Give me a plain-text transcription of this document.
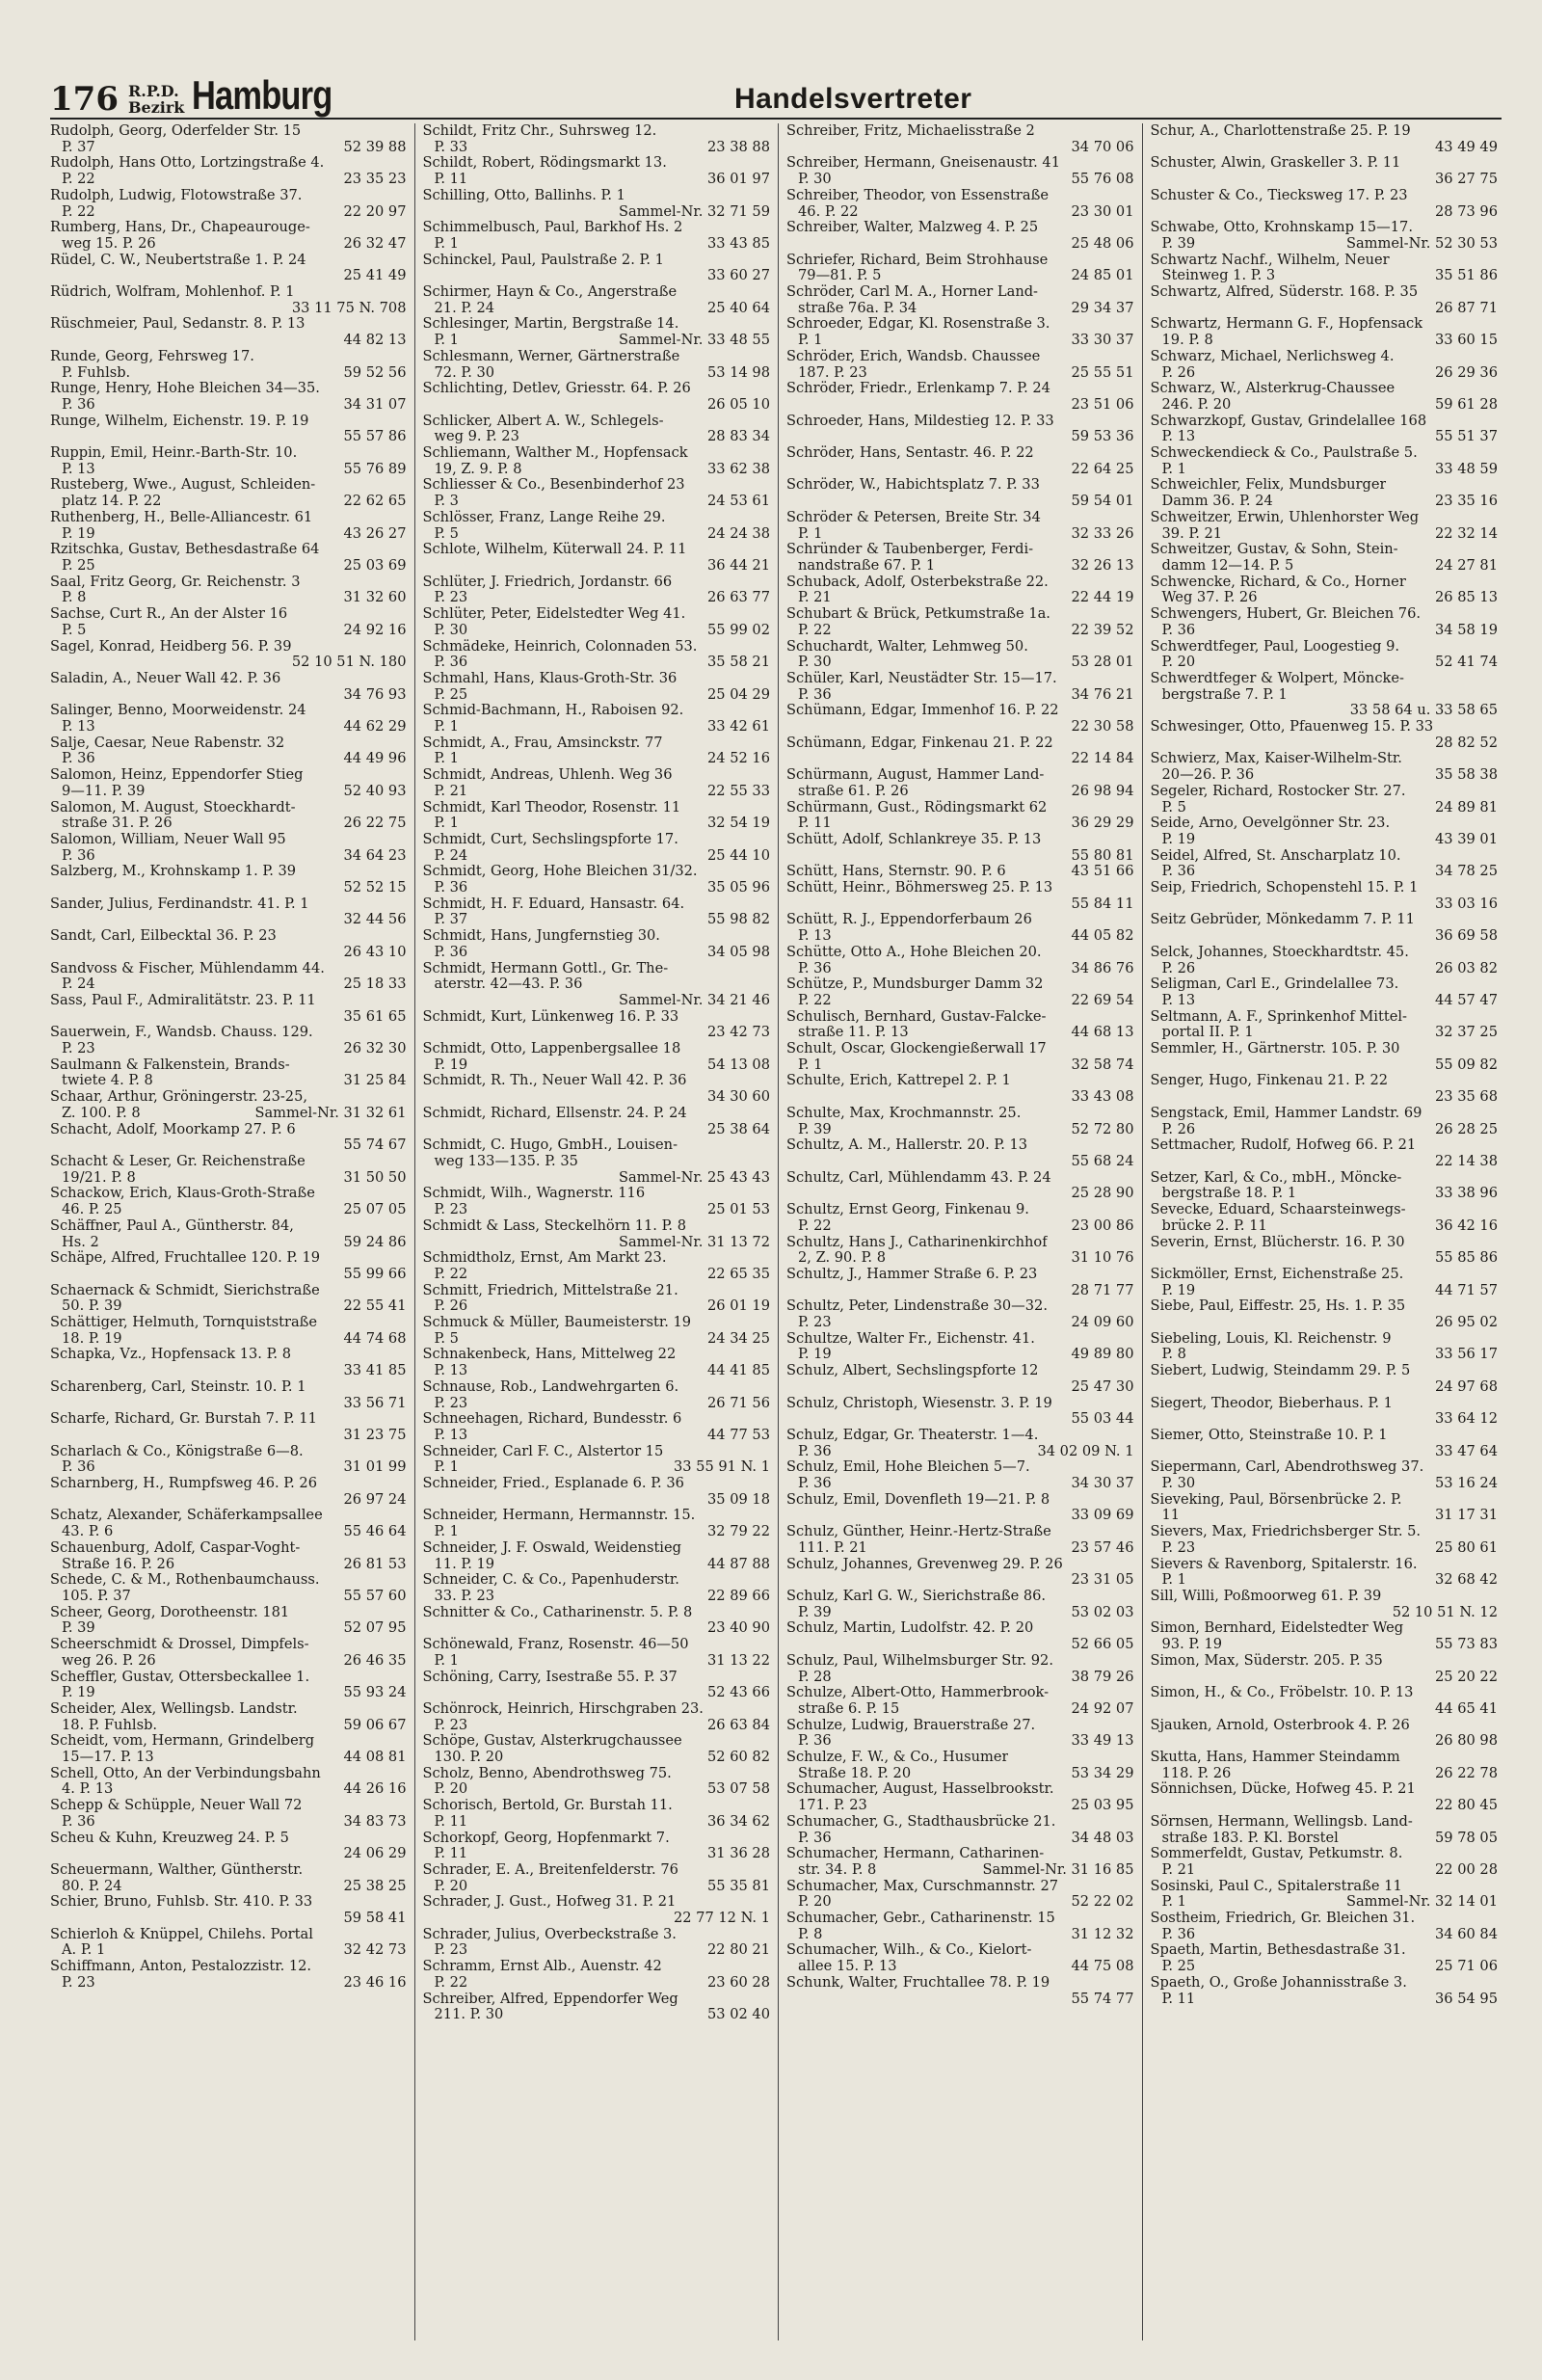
176 R.P.D.
Bezirk Hamburg	Handelsvertreter
Rudolph, Georg, Oderfelder Str. 15
P. 37	52 39 88
Rudolph, Hans Otto, Lortzingstraße 4.
P. 22	23 35 23
Rudolph, Ludwig, Flotowstraße 37.
P. 22	22 20 97
Rumberg, Hans, Dr., Chapeaurouge-
weg 15. P. 26	26 32 47
Rüdel, C. W., Neubertstraße 1. P. 24
25 41 49
Rüdrich, Wolfram, Mohlenhof. P. 1
33 11 75 N. 708
Rüschmeier, Paul, Sedanstr. 8. P. 13
44 82 13
Runde, Georg, Fehrsweg 17.
P. Fuhlsb.	59 52 56
Runge, Henry, Hohe Bleichen 34—35.
P. 36	34 31 07
Runge, Wilhelm, Eichenstr. 19. P. 19
55 57 86
Ruppin, Emil, Heinr.-Barth-Str. 10.
P. 13	55 76 89
Rusteberg, Wwe., August, Schleiden-
platz 14. P. 22	22 62 65
Ruthenberg, H., Belle-Alliancestr. 61
P. 19	43 26 27
Rzitschka, Gustav, Bethesdastraße 64
P. 25	25 03 69
Saal, Fritz Georg, Gr. Reichenstr. 3
P. 8	31 32 60
Sachse, Curt R., An der Alster 16
P. 5	24 92 16
Sagel, Konrad, Heidberg 56. P. 39
52 10 51 N. 180
Saladin, A., Neuer Wall 42. P. 36
34 76 93
Salinger, Benno, Moorweidenstr. 24
P. 13	44 62 29
Salje, Caesar, Neue Rabenstr. 32
P. 36	44 49 96
Salomon, Heinz, Eppendorfer Stieg
9—11. P. 39	52 40 93
Salomon, M. August, Stoeckhardt-
straße 31. P. 26	26 22 75
Salomon, William, Neuer Wall 95
P. 36	34 64 23
Salzberg, M., Krohnskamp 1. P. 39
52 52 15
Sander, Julius, Ferdinandstr. 41. P. 1
32 44 56
Sandt, Carl, Eilbecktal 36. P. 23
26 43 10
Sandvoss & Fischer, Mühlendamm 44.
P. 24	25 18 33
Sass, Paul F., Admiralitätstr. 23. P. 11
35 61 65
Sauerwein, F., Wandsb. Chauss. 129.
P. 23	26 32 30
Saulmann & Falkenstein, Brands-
twiete 4. P. 8	31 25 84
Schaar, Arthur, Gröningerstr. 23-25,
Z. 100. P. 8	Sammel-Nr. 31 32 61
Schacht, Adolf, Moorkamp 27. P. 6
55 74 67
Schacht & Leser, Gr. Reichenstraße
19/21. P. 8	31 50 50
Schackow, Erich, Klaus-Groth-Straße
46. P. 25	25 07 05
Schäffner, Paul A., Güntherstr. 84,
Hs. 2	59 24 86
Schäpe, Alfred, Fruchtallee 120. P. 19
55 99 66
Schaernack & Schmidt, Sierichstraße
50. P. 39	22 55 41
Schättiger, Helmuth, Tornquiststraße
18. P. 19	44 74 68
Schapka, Vz., Hopfensack 13. P. 8
33 41 85
Scharenberg, Carl, Steinstr. 10. P. 1
33 56 71
Scharfe, Richard, Gr. Burstah 7. P. 11
31 23 75
Scharlach & Co., Königstraße 6—8.
P. 36	31 01 99
Scharnberg, H., Rumpfsweg 46. P. 26
26 97 24
Schatz, Alexander, Schäferkampsallee
43. P. 6	55 46 64
Schauenburg, Adolf, Caspar-Voght-
Straße 16. P. 26	26 81 53
Schede, C. & M., Rothenbaumchauss.
105. P. 37	55 57 60
Scheer, Georg, Dorotheenstr. 181
P. 39	52 07 95
Scheerschmidt & Drossel, Dimpfels-
weg 26. P. 26	26 46 35
Scheffler, Gustav, Ottersbeckallee 1.
P. 19	55 93 24
Scheider, Alex, Wellingsb. Landstr.
18. P. Fuhlsb.	59 06 67
Scheidt, vom, Hermann, Grindelberg
15—17. P. 13	44 08 81
Schell, Otto, An der Verbindungsbahn
4. P. 13	44 26 16
Schepp & Schüpple, Neuer Wall 72
P. 36	34 83 73
Scheu & Kuhn, Kreuzweg 24. P. 5
24 06 29
Scheuermann, Walther, Güntherstr.
80. P. 24	25 38 25
Schier, Bruno, Fuhlsb. Str. 410. P. 33
59 58 41
Schierloh & Knüppel, Chilehs. Portal
A. P. 1	32 42 73
Schiffmann, Anton, Pestalozzistr. 12.
P. 23	23 46 16
Schildt, Fritz Chr., Suhrsweg 12.
P. 33	23 38 88
Schildt, Robert, Rödingsmarkt 13.
P. 11	36 01 97
Schilling, Otto, Ballinhs. P. 1
Sammel-Nr. 32 71 59
Schimmelbusch, Paul, Barkhof Hs. 2
P. 1	33 43 85
Schinckel, Paul, Paulstraße 2. P. 1
33 60 27
Schirmer, Hayn & Co., Angerstraße
21. P. 24	25 40 64
Schlesinger, Martin, Bergstraße 14.
P. 1	Sammel-Nr. 33 48 55
Schlesmann, Werner, Gärtnerstraße
72. P. 30	53 14 98
Schlichting, Detlev, Griesstr. 64. P. 26
26 05 10
Schlicker, Albert A. W., Schlegels-
weg 9. P. 23	28 83 34
Schliemann, Walther M., Hopfensack
19, Z. 9. P. 8	33 62 38
Schliesser & Co., Besenbinderhof 23
P. 3	24 53 61
Schlösser, Franz, Lange Reihe 29.
P. 5	24 24 38
Schlote, Wilhelm, Küterwall 24. P. 11
36 44 21
Schlüter, J. Friedrich, Jordanstr. 66
P. 23	26 63 77
Schlüter, Peter, Eidelstedter Weg 41.
P. 30	55 99 02
Schmädeke, Heinrich, Colonnaden 53.
P. 36	35 58 21
Schmahl, Hans, Klaus-Groth-Str. 36
P. 25	25 04 29
Schmid-Bachmann, H., Raboisen 92.
P. 1	33 42 61
Schmidt, A., Frau, Amsinckstr. 77
P. 1	24 52 16
Schmidt, Andreas, Uhlenh. Weg 36
P. 21	22 55 33
Schmidt, Karl Theodor, Rosenstr. 11
P. 1	32 54 19
Schmidt, Curt, Sechslingspforte 17.
P. 24	25 44 10
Schmidt, Georg, Hohe Bleichen 31/32.
P. 36	35 05 96
Schmidt, H. F. Eduard, Hansastr. 64.
P. 37	55 98 82
Schmidt, Hans, Jungfernstieg 30.
P. 36	34 05 98
Schmidt, Hermann Gottl., Gr. The-
aterstr. 42—43. P. 36
Sammel-Nr. 34 21 46
Schmidt, Kurt, Lünkenweg 16. P. 33
23 42 73
Schmidt, Otto, Lappenbergsallee 18
P. 19	54 13 08
Schmidt, R. Th., Neuer Wall 42. P. 36
34 30 60
Schmidt, Richard, Ellsenstr. 24. P. 24
25 38 64
Schmidt, C. Hugo, GmbH., Louisen-
weg 133—135. P. 35
Sammel-Nr. 25 43 43
Schmidt, Wilh., Wagnerstr. 116
P. 23	25 01 53
Schmidt & Lass, Steckelhörn 11. P. 8
Sammel-Nr. 31 13 72
Schmidtholz, Ernst, Am Markt 23.
P. 22	22 65 35
Schmitt, Friedrich, Mittelstraße 21.
P. 26	26 01 19
Schmuck & Müller, Baumeisterstr. 19
P. 5	24 34 25
Schnakenbeck, Hans, Mittelweg 22
P. 13	44 41 85
Schnause, Rob., Landwehrgarten 6.
P. 23	26 71 56
Schneehagen, Richard, Bundesstr. 6
P. 13	44 77 53
Schneider, Carl F. C., Alstertor 15
P. 1	33 55 91 N. 1
Schneider, Fried., Esplanade 6. P. 36
35 09 18
Schneider, Hermann, Hermannstr. 15.
P. 1	32 79 22
Schneider, J. F. Oswald, Weidenstieg
11. P. 19	44 87 88
Schneider, C. & Co., Papenhuderstr.
33. P. 23	22 89 66
Schnitter & Co., Catharinenstr. 5. P. 8
23 40 90
Schönewald, Franz, Rosenstr. 46—50
P. 1	31 13 22
Schöning, Carry, Isestraße 55. P. 37
52 43 66
Schönrock, Heinrich, Hirschgraben 23.
P. 23	26 63 84
Schöpe, Gustav, Alsterkrugchaussee
130. P. 20	52 60 82
Scholz, Benno, Abendrothsweg 75.
P. 20	53 07 58
Schorisch, Bertold, Gr. Burstah 11.
P. 11	36 34 62
Schorkopf, Georg, Hopfenmarkt 7.
P. 11	31 36 28
Schrader, E. A., Breitenfelderstr. 76
P. 20	55 35 81
Schrader, J. Gust., Hofweg 31. P. 21
22 77 12 N. 1
Schrader, Julius, Overbeckstraße 3.
P. 23	22 80 21
Schramm, Ernst Alb., Auenstr. 42
P. 22	23 60 28
Schreiber, Alfred, Eppendorfer Weg
211. P. 30	53 02 40
Schreiber, Fritz, Michaelisstraße 2
34 70 06
Schreiber, Hermann, Gneisenaustr. 41
P. 30	55 76 08
Schreiber, Theodor, von Essenstraße
46. P. 22	23 30 01
Schreiber, Walter, Malzweg 4. P. 25
25 48 06
Schriefer, Richard, Beim Strohhause
79—81. P. 5	24 85 01
Schröder, Carl M. A., Horner Land-
straße 76a. P. 34	29 34 37
Schroeder, Edgar, Kl. Rosenstraße 3.
P. 1	33 30 37
Schröder, Erich, Wandsb. Chaussee
187. P. 23	25 55 51
Schröder, Friedr., Erlenkamp 7. P. 24
23 51 06
Schroeder, Hans, Mildestieg 12. P. 33
59 53 36
Schröder, Hans, Sentastr. 46. P. 22
22 64 25
Schröder, W., Habichtsplatz 7. P. 33
59 54 01
Schröder & Petersen, Breite Str. 34
P. 1	32 33 26
Schründer & Taubenberger, Ferdi-
nandstraße 67. P. 1	32 26 13
Schuback, Adolf, Osterbekstraße 22.
P. 21	22 44 19
Schubart & Brück, Petkumstraße 1a.
P. 22	22 39 52
Schuchardt, Walter, Lehmweg 50.
P. 30	53 28 01
Schüler, Karl, Neustädter Str. 15—17.
P. 36	34 76 21
Schümann, Edgar, Immenhof 16. P. 22
22 30 58
Schümann, Edgar, Finkenau 21. P. 22
22 14 84
Schürmann, August, Hammer Land-
straße 61. P. 26	26 98 94
Schürmann, Gust., Rödingsmarkt 62
P. 11	36 29 29
Schütt, Adolf, Schlankreye 35. P. 13
55 80 81
Schütt, Hans, Sternstr. 90. P. 6	43 51 66
Schütt, Heinr., Böhmersweg 25. P. 13
55 84 11
Schütt, R. J., Eppendorferbaum 26
P. 13	44 05 82
Schütte, Otto A., Hohe Bleichen 20.
P. 36	34 86 76
Schütze, P., Mundsburger Damm 32
P. 22	22 69 54
Schulisch, Bernhard, Gustav-Falcke-
straße 11. P. 13	44 68 13
Schult, Oscar, Glockengießerwall 17
P. 1	32 58 74
Schulte, Erich, Kattrepel 2. P. 1
33 43 08
Schulte, Max, Krochmannstr. 25.
P. 39	52 72 80
Schultz, A. M., Hallerstr. 20. P. 13
55 68 24
Schultz, Carl, Mühlendamm 43. P. 24
25 28 90
Schultz, Ernst Georg, Finkenau 9.
P. 22	23 00 86
Schultz, Hans J., Catharinenkirchhof
2, Z. 90. P. 8	31 10 76
Schultz, J., Hammer Straße 6. P. 23
28 71 77
Schultz, Peter, Lindenstraße 30—32.
P. 23	24 09 60
Schultze, Walter Fr., Eichenstr. 41.
P. 19	49 89 80
Schulz, Albert, Sechslingspforte 12
25 47 30
Schulz, Christoph, Wiesenstr. 3. P. 19
55 03 44
Schulz, Edgar, Gr. Theaterstr. 1—4.
P. 36	34 02 09 N. 1
Schulz, Emil, Hohe Bleichen 5—7.
P. 36	34 30 37
Schulz, Emil, Dovenfleth 19—21. P. 8
33 09 69
Schulz, Günther, Heinr.-Hertz-Straße
111. P. 21	23 57 46
Schulz, Johannes, Grevenweg 29. P. 26
23 31 05
Schulz, Karl G. W., Sierichstraße 86.
P. 39	53 02 03
Schulz, Martin, Ludolfstr. 42. P. 20
52 66 05
Schulz, Paul, Wilhelmsburger Str. 92.
P. 28	38 79 26
Schulze, Albert-Otto, Hammerbrook-
straße 6. P. 15	24 92 07
Schulze, Ludwig, Brauerstraße 27.
P. 36	33 49 13
Schulze, F. W., & Co., Husumer
Straße 18. P. 20	53 34 29
Schumacher, August, Hasselbrookstr.
171. P. 23	25 03 95
Schumacher, G., Stadthausbrücke 21.
P. 36	34 48 03
Schumacher, Hermann, Catharinen-
str. 34. P. 8	Sammel-Nr. 31 16 85
Schumacher, Max, Curschmannstr. 27
P. 20	52 22 02
Schumacher, Gebr., Catharinenstr. 15
P. 8	31 12 32
Schumacher, Wilh., & Co., Kielort-
allee 15. P. 13	44 75 08
Schunk, Walter, Fruchtallee 78. P. 19
55 74 77
Schur, A., Charlottenstraße 25. P. 19
43 49 49
Schuster, Alwin, Graskeller 3. P. 11
36 27 75
Schuster & Co., Tiecksweg 17. P. 23
28 73 96
Schwabe, Otto, Krohnskamp 15—17.
P. 39	Sammel-Nr. 52 30 53
Schwartz Nachf., Wilhelm, Neuer
Steinweg 1. P. 3	35 51 86
Schwartz, Alfred, Süderstr. 168. P. 35
26 87 71
Schwartz, Hermann G. F., Hopfensack
19. P. 8	33 60 15
Schwarz, Michael, Nerlichsweg 4.
P. 26	26 29 36
Schwarz, W., Alsterkrug-Chaussee
246. P. 20	59 61 28
Schwarzkopf, Gustav, Grindelallee 168
P. 13	55 51 37
Schweckendieck & Co., Paulstraße 5.
P. 1	33 48 59
Schweichler, Felix, Mundsburger
Damm 36. P. 24	23 35 16
Schweitzer, Erwin, Uhlenhorster Weg
39. P. 21	22 32 14
Schweitzer, Gustav, & Sohn, Stein-
damm 12—14. P. 5	24 27 81
Schwencke, Richard, & Co., Horner
Weg 37. P. 26	26 85 13
Schwengers, Hubert, Gr. Bleichen 76.
P. 36	34 58 19
Schwerdtfeger, Paul, Loogestieg 9.
P. 20	52 41 74
Schwerdtfeger & Wolpert, Möncke-
bergstraße 7. P. 1
33 58 64 u. 33 58 65
Schwesinger, Otto, Pfauenweg 15. P. 33
28 82 52
Schwierz, Max, Kaiser-Wilhelm-Str.
20—26. P. 36	35 58 38
Segeler, Richard, Rostocker Str. 27.
P. 5	24 89 81
Seide, Arno, Oevelgönner Str. 23.
P. 19	43 39 01
Seidel, Alfred, St. Anscharplatz 10.
P. 36	34 78 25
Seip, Friedrich, Schopenstehl 15. P. 1
33 03 16
Seitz Gebrüder, Mönkedamm 7. P. 11
36 69 58
Selck, Johannes, Stoeckhardtstr. 45.
P. 26	26 03 82
Seligman, Carl E., Grindelallee 73.
P. 13	44 57 47
Seltmann, A. F., Sprinkenhof Mittel-
portal II. P. 1	32 37 25
Semmler, H., Gärtnerstr. 105. P. 30
55 09 82
Senger, Hugo, Finkenau 21. P. 22
23 35 68
Sengstack, Emil, Hammer Landstr. 69
P. 26	26 28 25
Settmacher, Rudolf, Hofweg 66. P. 21
22 14 38
Setzer, Karl, & Co., mbH., Möncke-
bergstraße 18. P. 1	33 38 96
Sevecke, Eduard, Schaarsteinwegs-
brücke 2. P. 11	36 42 16
Severin, Ernst, Blücherstr. 16. P. 30
55 85 86
Sickmöller, Ernst, Eichenstraße 25.
P. 19	44 71 57
Siebe, Paul, Eiffestr. 25, Hs. 1. P. 35
26 95 02
Siebeling, Louis, Kl. Reichenstr. 9
P. 8	33 56 17
Siebert, Ludwig, Steindamm 29. P. 5
24 97 68
Siegert, Theodor, Bieberhaus. P. 1
33 64 12
Siemer, Otto, Steinstraße 10. P. 1
33 47 64
Siepermann, Carl, Abendrothsweg 37.
P. 30	53 16 24
Sieveking, Paul, Börsenbrücke 2. P.
11	31 17 31
Sievers, Max, Friedrichsberger Str. 5.
P. 23	25 80 61
Sievers & Ravenborg, Spitalerstr. 16.
P. 1	32 68 42
Sill, Willi, Poßmoorweg 61. P. 39
52 10 51 N. 12
Simon, Bernhard, Eidelstedter Weg
93. P. 19	55 73 83
Simon, Max, Süderstr. 205. P. 35
25 20 22
Simon, H., & Co., Fröbelstr. 10. P. 13
44 65 41
Sjauken, Arnold, Osterbrook 4. P. 26
26 80 98
Skutta, Hans, Hammer Steindamm
118. P. 26	26 22 78
Sönnichsen, Dücke, Hofweg 45. P. 21
22 80 45
Sörnsen, Hermann, Wellingsb. Land-
straße 183. P. Kl. Borstel	59 78 05
Sommerfeldt, Gustav, Petkumstr. 8.
P. 21	22 00 28
Sosinski, Paul C., Spitalerstraße 11
P. 1	Sammel-Nr. 32 14 01
Sostheim, Friedrich, Gr. Bleichen 31.
P. 36	34 60 84
Spaeth, Martin, Bethesdastraße 31.
P. 25	25 71 06
Spaeth, O., Große Johannisstraße 3.
P. 11	36 54 95
